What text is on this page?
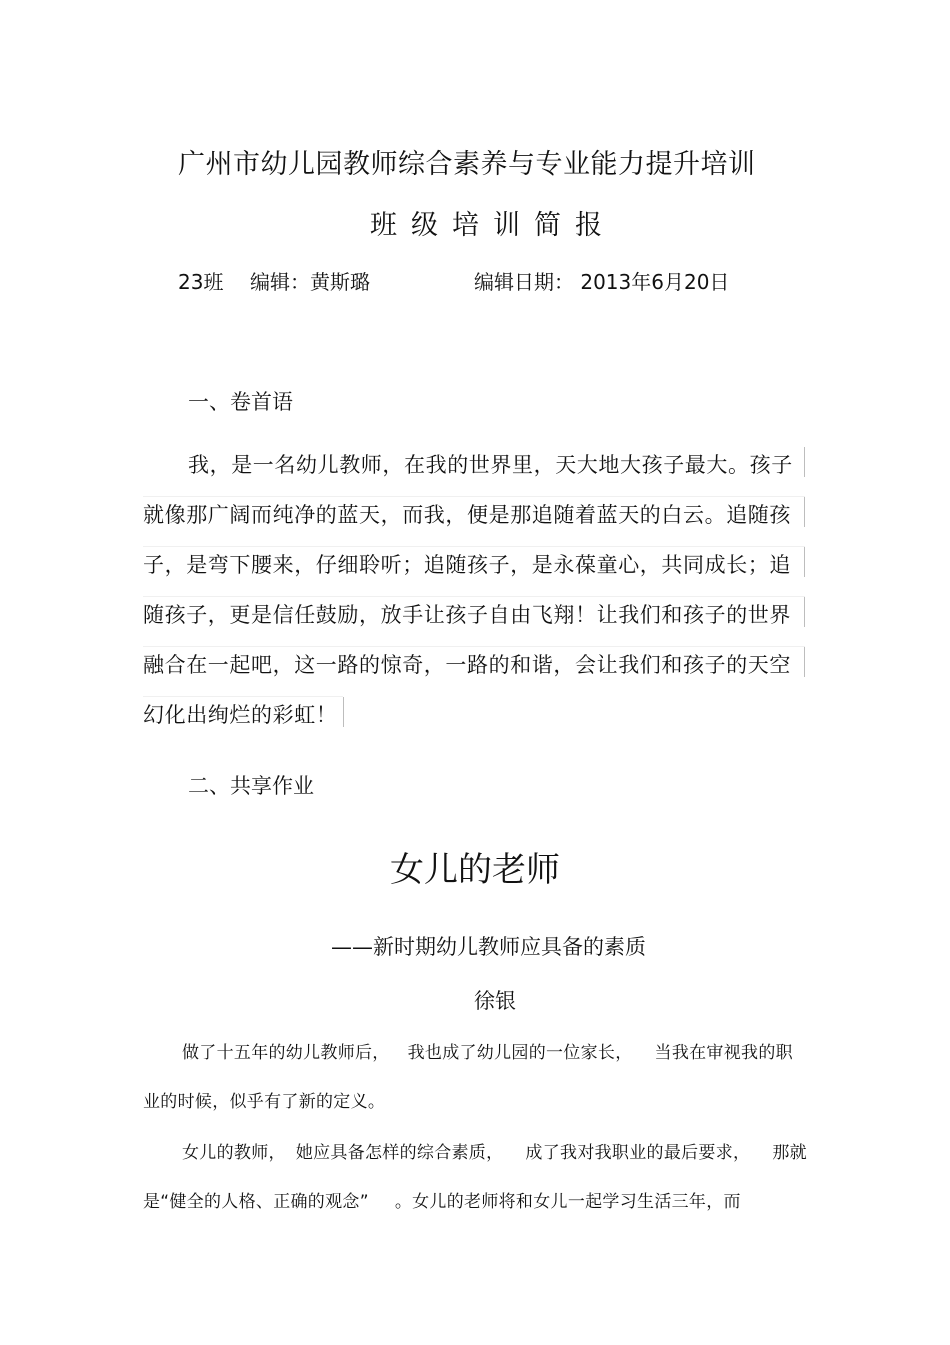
广州市幼儿园教师综合素养与专业能力提升培训
班级培训简报
23班 编辑：黄斯璐	编辑日期： 2013年6月20日
一、卷首语
我，是一名幼儿教师，在我的世界里，天大地大孩子最大。孩子
就像那广阔而纯净的蓝天，而我，便是那追随着蓝天的白云。追随孩
子，是弯下腰来，仔细聆听；追随孩子，是永葆童心，共同成长；追
随孩子，更是信任鼓励，放手让孩子自由飞翔！让我们和孩子的世界
融合在一起吧，这一路的惊奇，一路的和谐，会让我们和孩子的天空
幻化出绚烂的彩虹！
二、共享作业
女儿的老师
——新时期幼儿教师应具备的素质
徐银
做了十五年的幼儿教师后， 我也成了幼儿园的一位家长， 当我在审视我的职
业的时候，似乎有了新的定义。
女儿的教师， 她应具备怎样的综合素质， 成了我对我职业的最后要求， 那就
是“健全的人格、正确的观念” 。女儿的老师将和女儿一起学习生活三年，而
